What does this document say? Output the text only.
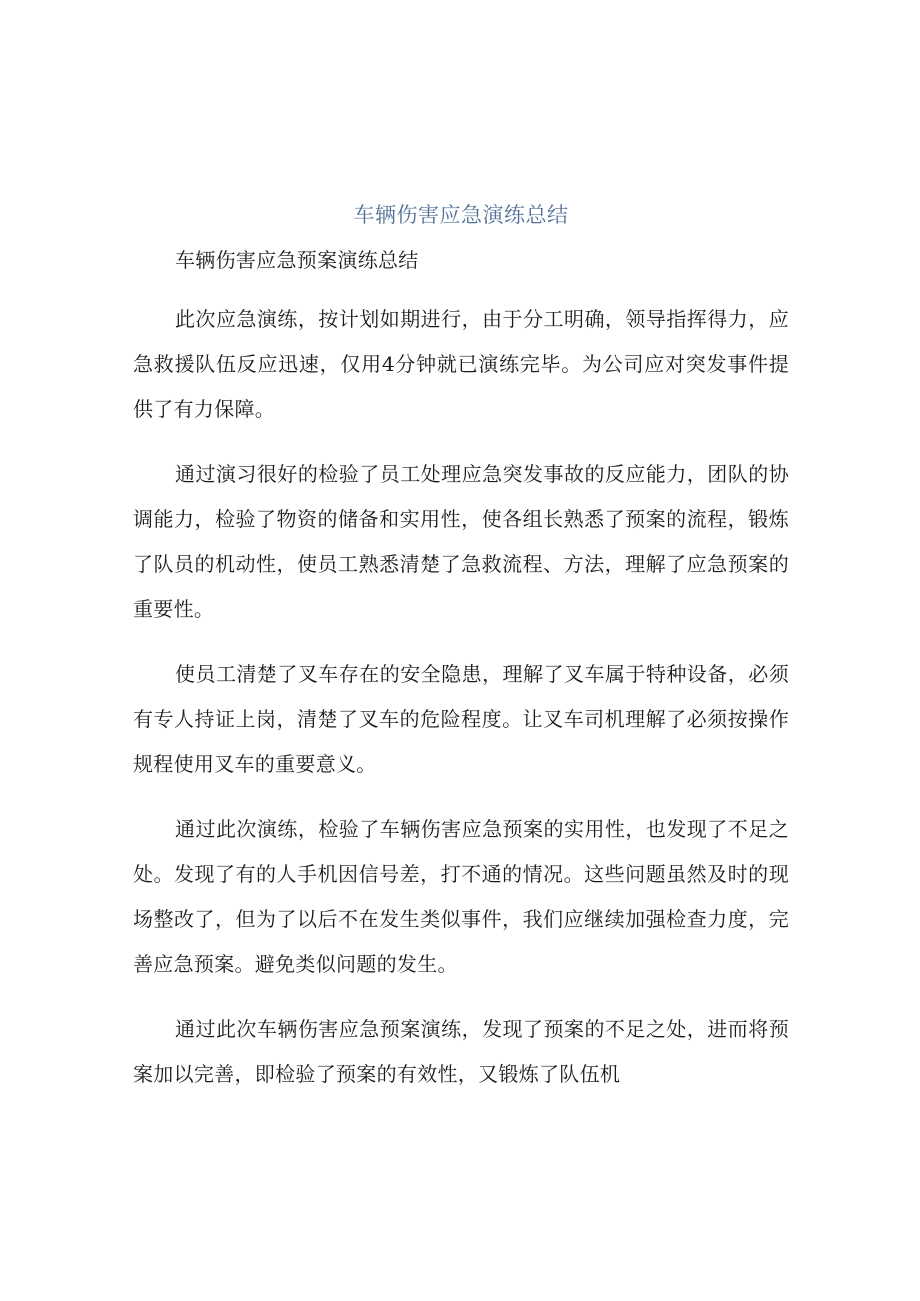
车辆伤害应急演练总结

车辆伤害应急预案演练总结

此次应急演练，按计划如期进行，由于分工明确，领导指挥得力，应急救援队伍反应迅速，仅用4分钟就已演练完毕。为公司应对突发事件提供了有力保障。

通过演习很好的检验了员工处理应急突发事故的反应能力，团队的协调能力，检验了物资的储备和实用性，使各组长熟悉了预案的流程，锻炼了队员的机动性，使员工熟悉清楚了急救流程、方法，理解了应急预案的重要性。

使员工清楚了叉车存在的安全隐患，理解了叉车属于特种设备，必须有专人持证上岗，清楚了叉车的危险程度。让叉车司机理解了必须按操作规程使用叉车的重要意义。

通过此次演练，检验了车辆伤害应急预案的实用性，也发现了不足之处。发现了有的人手机因信号差，打不通的情况。这些问题虽然及时的现场整改了，但为了以后不在发生类似事件，我们应继续加强检查力度，完善应急预案。避免类似问题的发生。

通过此次车辆伤害应急预案演练，发现了预案的不足之处，进而将预案加以完善，即检验了预案的有效性，又锻炼了队伍机
